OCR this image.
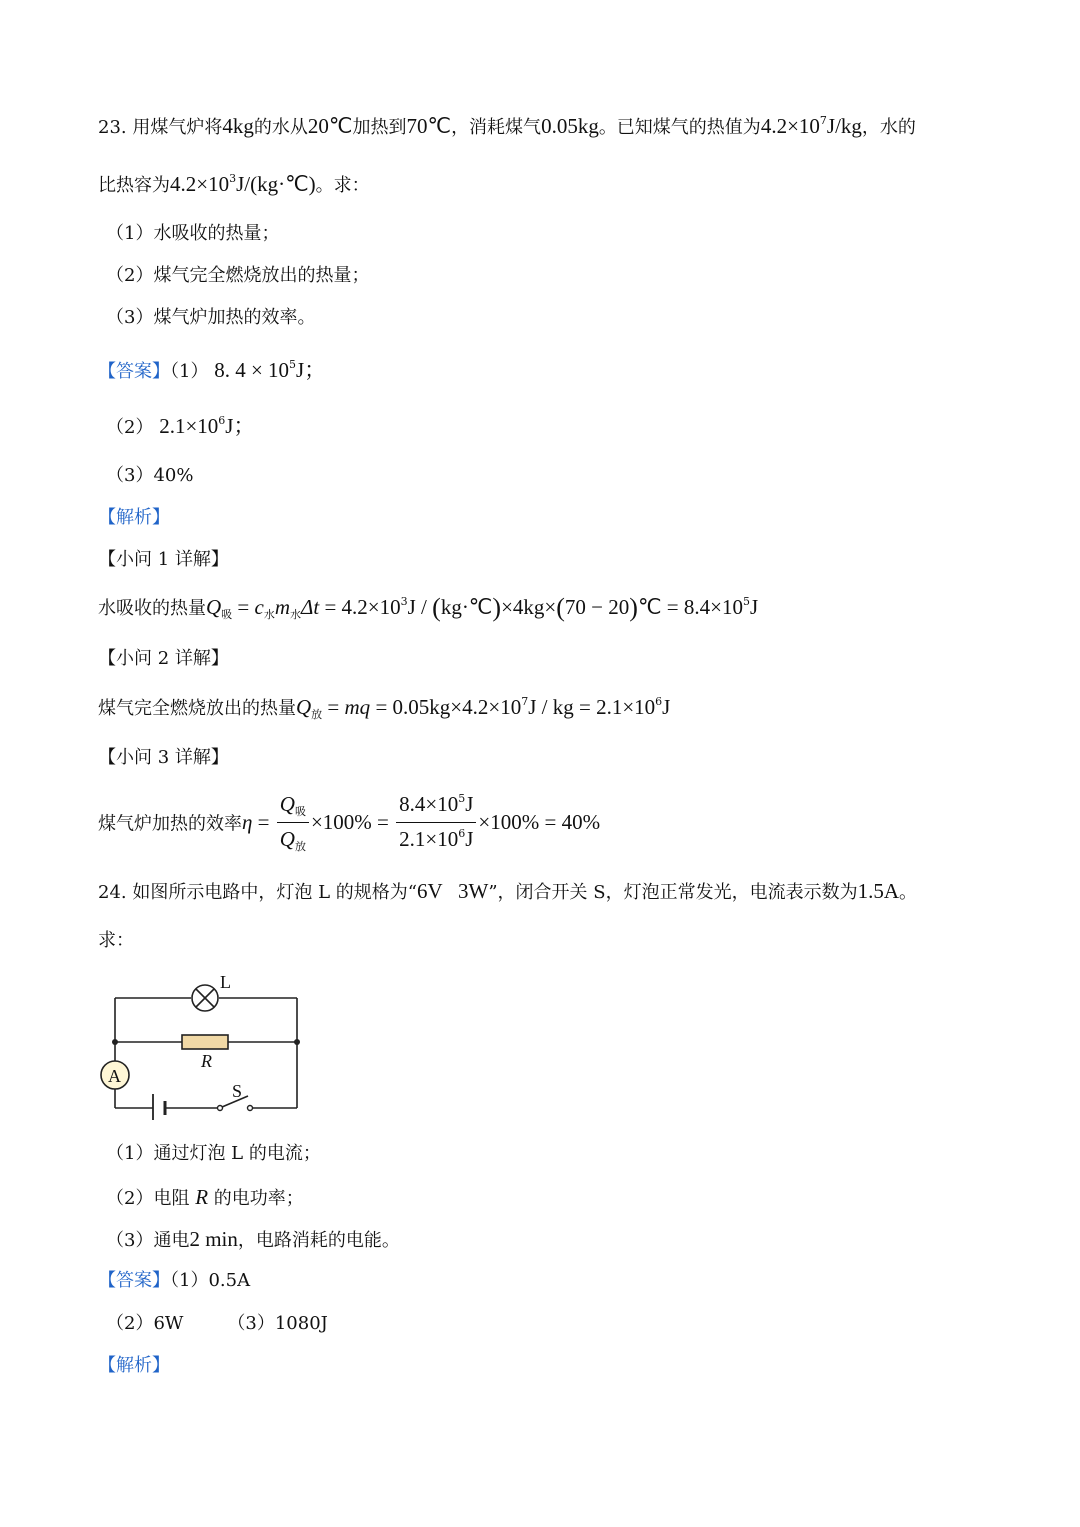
23. 用煤气炉将4kg的水从20℃加热到70℃，消耗煤气0.05kg。已知煤气的热值为$4.2\times 10^7J/kg$，水的
比热容为$4.2\times 10^3J/(kg\cdot℃)$。求：
（1）水吸收的热量；
（2）煤气完全燃烧放出的热量；
（3）煤气炉加热的效率。
【答案】（1） 8. $4 \times 10^5J$；
（2） $2.1\times 10^6J$；
（3）40%
【解析】
【小问 1 详解】
水吸收的热量$Q_吸 = c_水m_水\Delta t = 4.2\times 10^3J$ / (kg·℃)×4kg×(70 − 20)℃ = $8.4\times 10^5J$
【小问 2 详解】
煤气完全燃烧放出的热量$Q_放$ = mq = $0.05kg\times 4.2\times 10^7J$ / kg = $2.1\times 10^6J$
【小问 3 详解】
煤气炉加热的效率$\eta = \frac{Q_吸}{Q_放} \times 100\% = \frac{8.4\times 10^5J}{2.1\times 10^6J} \times 100\% = 40\%$
24. 如图所示电路中，灯泡 L 的规格为“6V   3W”，闭合开关 S，灯泡正常发光，电流表示数为1.5A。
求：
L
R
A
S
（1）通过灯泡 L 的电流；
（2）电阻 R 的电功率；
（3）通电2 min，电路消耗的电能。
【答案】（1）0.5A
（2）6W （3）1080J
【解析】
